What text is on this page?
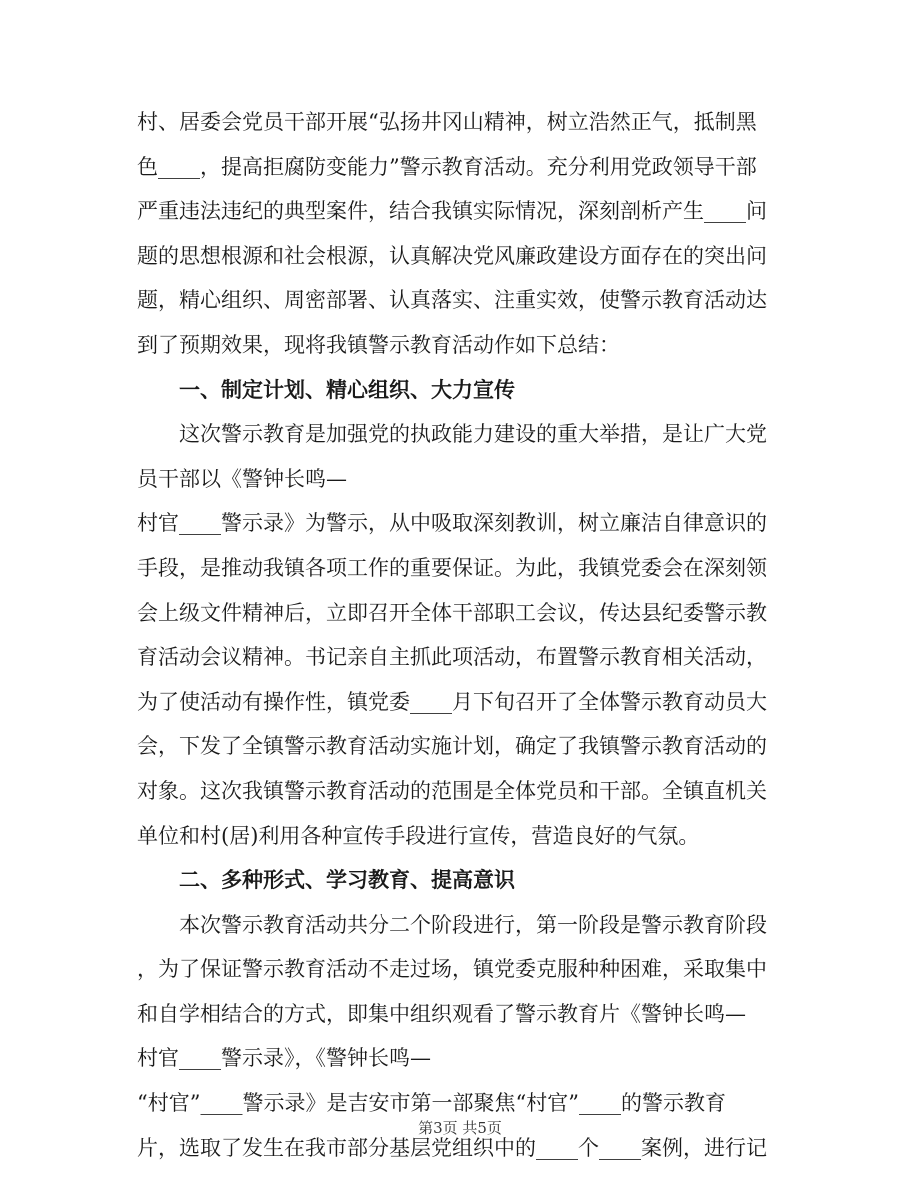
村、居委会党员干部开展“弘扬井冈山精神，树立浩然正气，抵制黑
色____，提高拒腐防变能力”警示教育活动。充分利用党政领导干部
严重违法违纪的典型案件，结合我镇实际情况，深刻剖析产生____问
题的思想根源和社会根源，认真解决党风廉政建设方面存在的突出问
题，精心组织、周密部署、认真落实、注重实效，使警示教育活动达
到了预期效果，现将我镇警示教育活动作如下总结：
一、制定计划、精心组织、大力宣传
这次警示教育是加强党的执政能力建设的重大举措，是让广大党
员干部以《警钟长鸣—
村官____警示录》为警示，从中吸取深刻教训，树立廉洁自律意识的
手段，是推动我镇各项工作的重要保证。为此，我镇党委会在深刻领
会上级文件精神后，立即召开全体干部职工会议，传达县纪委警示教
育活动会议精神。书记亲自主抓此项活动，布置警示教育相关活动，
为了使活动有操作性，镇党委____月下旬召开了全体警示教育动员大
会，下发了全镇警示教育活动实施计划，确定了我镇警示教育活动的
对象。这次我镇警示教育活动的范围是全体党员和干部。全镇直机关
单位和村(居)利用各种宣传手段进行宣传，营造良好的气氛。
二、多种形式、学习教育、提高意识
本次警示教育活动共分二个阶段进行，第一阶段是警示教育阶段
，为了保证警示教育活动不走过场，镇党委克服种种困难，采取集中
和自学相结合的方式，即集中组织观看了警示教育片《警钟长鸣—
村官____警示录》，《警钟长鸣—
“村官”____警示录》是吉安市第一部聚焦“村官”____的警示教育
片，选取了发生在我市部分基层党组织中的____个____案例，进行记
第3页 共5页
